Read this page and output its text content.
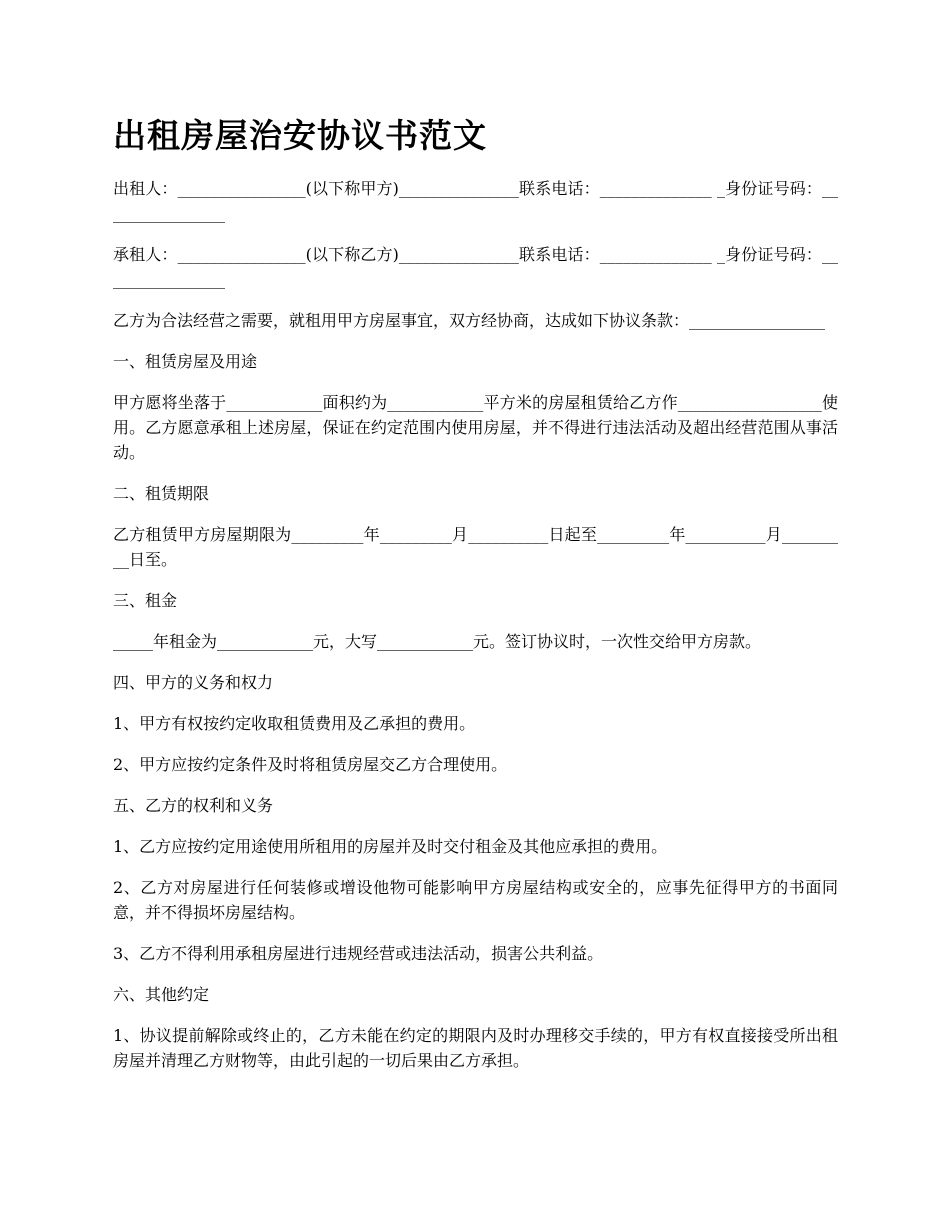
出租房屋治安协议书范文

出租人：________________(以下称甲方)_______________联系电话：______________ _身份证号码：________________

承租人：________________(以下称乙方)_______________联系电话：______________ _身份证号码：________________

乙方为合法经营之需要，就租用甲方房屋事宜，双方经协商，达成如下协议条款：_________________

一、租赁房屋及用途

甲方愿将坐落于____________面积约为____________平方米的房屋租赁给乙方作__________________使用。乙方愿意承租上述房屋，保证在约定范围内使用房屋，并不得进行违法活动及超出经营范围从事活动。

二、租赁期限

乙方租赁甲方房屋期限为_________年_________月__________日起至_________年__________月_________日至。

三、租金

_____年租金为____________元，大写____________元。签订协议时，一次性交给甲方房款。

四、甲方的义务和权力

1、甲方有权按约定收取租赁费用及乙承担的费用。

2、甲方应按约定条件及时将租赁房屋交乙方合理使用。

五、乙方的权利和义务

1、乙方应按约定用途使用所租用的房屋并及时交付租金及其他应承担的费用。

2、乙方对房屋进行任何装修或增设他物可能影响甲方房屋结构或安全的，应事先征得甲方的书面同意，并不得损坏房屋结构。

3、乙方不得利用承租房屋进行违规经营或违法活动，损害公共利益。

六、其他约定

1、协议提前解除或终止的，乙方未能在约定的期限内及时办理移交手续的，甲方有权直接接受所出租房屋并清理乙方财物等，由此引起的一切后果由乙方承担。
